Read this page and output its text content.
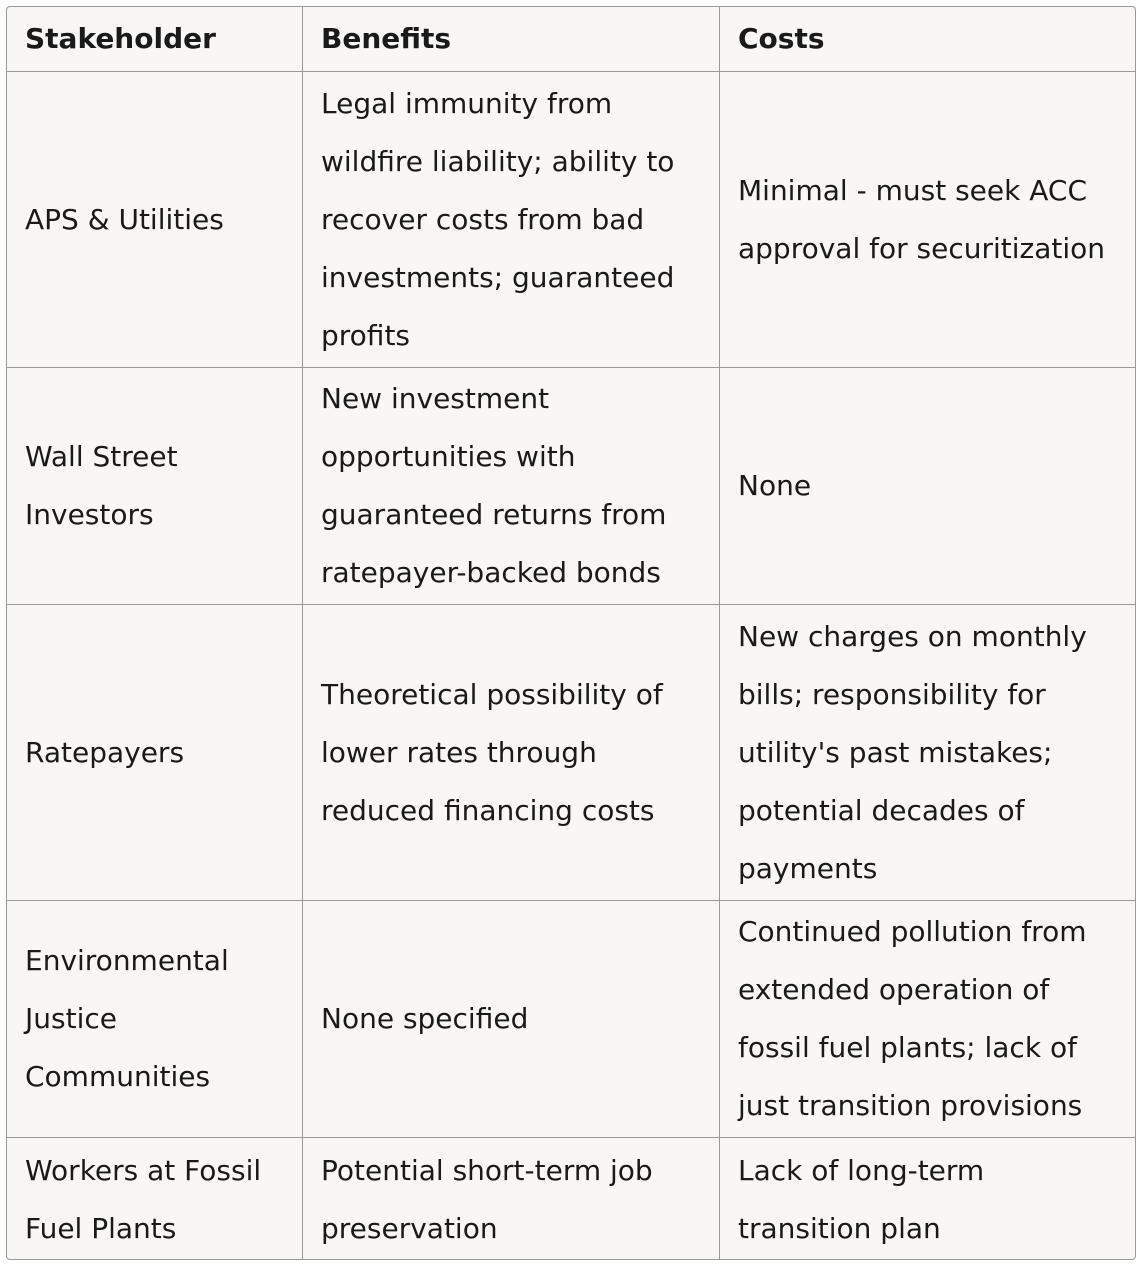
Stakeholder	Benefits	Costs
APS & Utilities	Legal immunity from wildfire liability; ability to recover costs from bad investments; guaranteed profits	Minimal - must seek ACC approval for securitization
Wall Street Investors	New investment opportunities with guaranteed returns from ratepayer-backed bonds	None
Ratepayers	Theoretical possibility of lower rates through reduced financing costs	New charges on monthly bills; responsibility for utility's past mistakes; potential decades of payments
Environmental Justice Communities	None specified	Continued pollution from extended operation of fossil fuel plants; lack of just transition provisions
Workers at Fossil Fuel Plants	Potential short-term job preservation	Lack of long-term transition plan
